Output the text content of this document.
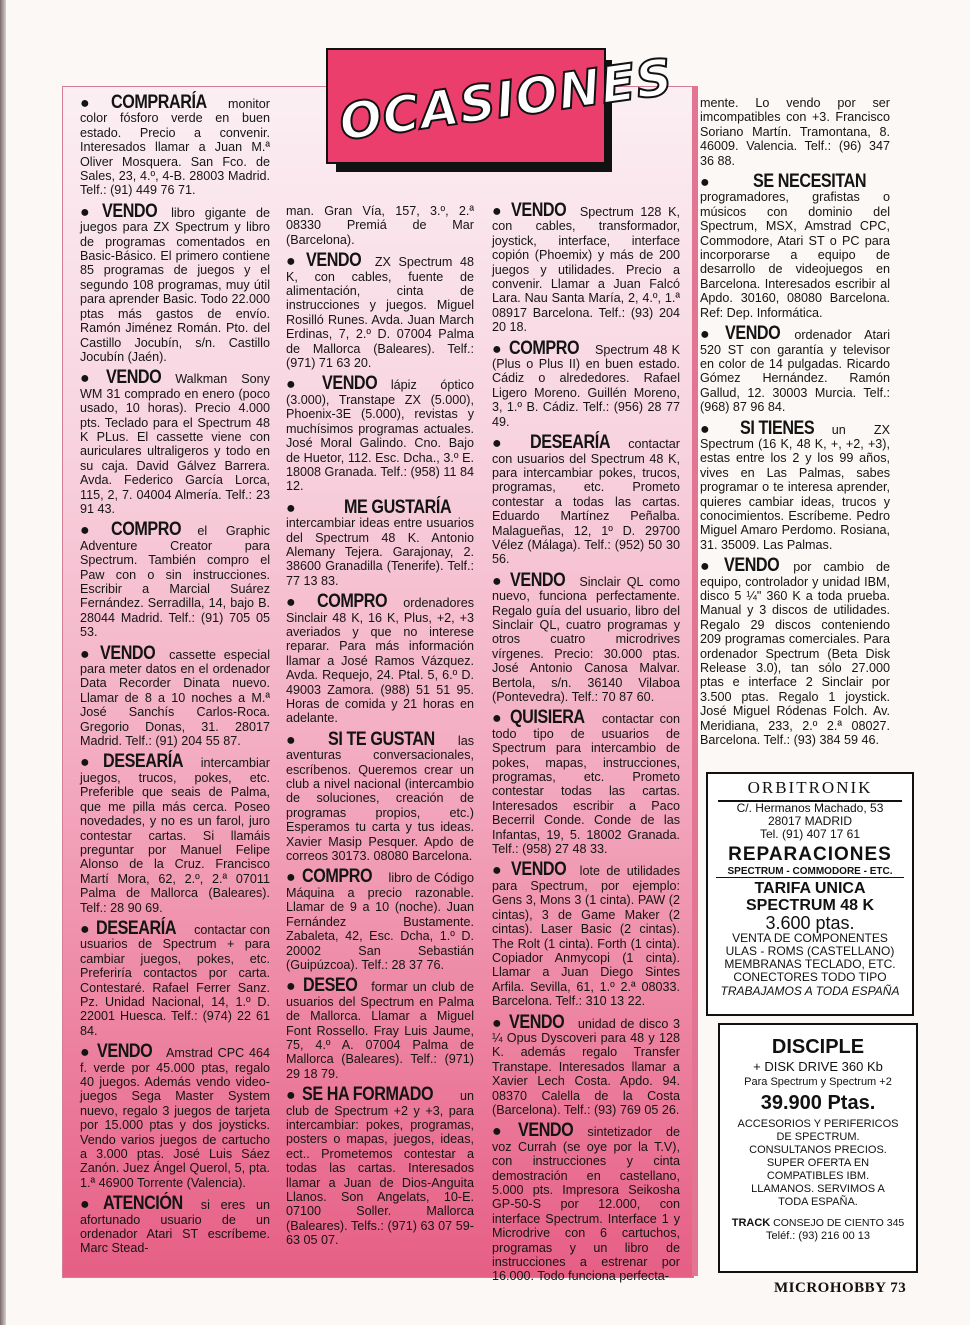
OCASIONES

● COMPRARÍA monitor color fósforo verde en buen estado. Precio a convenir. Interesados llamar a Juan M.ª Oliver Mosquera. San Fco. de Sales, 23, 4.º, 4-B. 28003 Madrid. Telf.: (91) 449 76 71.

● VENDO libro gigante de juegos para ZX Spectrum y libro de programas comentados en Basic-Básico. El primero contiene 85 programas de juegos y el segundo 108 programas, muy útil para aprender Basic. Todo 22.000 ptas más gastos de envío. Ramón Jiménez Román. Pto. del Castillo Jocubín, s/n. Castillo Jocubín (Jaén).

● VENDO Walkman Sony WM 31 comprado en enero (poco usado, 10 horas). Precio 4.000 pts. Teclado para el Spectrum 48 K PLus. El cassette viene con auriculares ultraligeros y todo en su caja. David Gálvez Barrera. Avda. Federico García Lorca, 115, 2, 7. 04004 Almería. Telf.: 23 91 43.

● COMPRO el Graphic Adventure Creator para Spectrum. También compro el Paw con o sin instrucciones. Escribir a Marcial Suárez Fernández. Serradilla, 14, bajo B. 28044 Madrid. Telf.: (91) 705 05 53.

● VENDO cassette especial para meter datos en el ordenador Data Recorder Dinata nuevo. Llamar de 8 a 10 noches a M.ª José Sanchís Carlos-Roca. Gregorio Donas, 31. 28017 Madrid. Telf.: (91) 204 55 87.

● DESEARÍA intercambiar juegos, trucos, pokes, etc. Preferible que seais de Palma, que me pilla más cerca. Poseo novedades, y no es un farol, juro contestar cartas. Si llamáis preguntar por Manuel Felipe Alonso de la Cruz. Francisco Martí Mora, 62, 2.º, 2.ª 07011 Palma de Mallorca (Baleares). Telf.: 28 90 69.

● DESEARÍA contactar con usuarios de Spectrum + para cambiar juegos, pokes, etc. Preferiría contactos por carta. Contestaré. Rafael Ferrer Sanz. Pz. Unidad Nacional, 14, 1.º D. 22001 Huesca. Telf.: (974) 22 61 84.

● VENDO Amstrad CPC 464 f. verde por 45.000 ptas, regalo 40 juegos. Además vendo video-juegos Sega Master System nuevo, regalo 3 juegos de tarjeta por 15.000 ptas y dos joysticks. Vendo varios juegos de cartucho a 3.000 ptas. José Luis Sáez Zanón. Juez Ángel Querol, 5, pta. 1.ª 46900 Torrente (Valencia).

● ATENCIÓN si eres un afortunado usuario de un ordenador Atari ST escríbeme. Marc Stead-

man. Gran Vía, 157, 3.º, 2.ª 08330 Premiá de Mar (Barcelona).

● VENDO ZX Spectrum 48 K, con cables, fuente de alimentación, cinta de instrucciones y juegos. Miguel Rosilló Runes. Avda. Juan March Erdinas, 7, 2.º D. 07004 Palma de Mallorca (Baleares). Telf.: (971) 71 63 20.

● VENDO lápiz óptico (3.000), Transtape ZX (5.000), Phoenix-3E (5.000), revistas y muchísimos programas actuales. José Moral Galindo. Cno. Bajo de Huetor, 112. Esc. Dcha., 3.º E. 18008 Granada. Telf.: (958) 11 84 12.

● ME GUSTARÍAintercambiar ideas entre usuarios del Spectrum 48 K. Antonio Alemany Tejera. Garajonay, 2. 38600 Granadilla (Tenerife). Telf.: 77 13 83.

● COMPRO ordenadores Sinclair 48 K, 16 K, Plus, +2, +3 averiados y que no interese reparar. Para más información llamar a José Ramos Vázquez. Avda. Requejo, 24. Ptal. 5, 6.º D. 49003 Zamora. (988) 51 51 95. Horas de comida y 21 horas en adelante.

● SI TE GUSTAN las aventuras conversacionales, escríbenos. Queremos crear un club a nivel nacional (intercambio de soluciones, creación de programas propios, etc.) Esperamos tu carta y tus ideas. Xavier Masip Pesquer. Apdo de correos 30173. 08080 Barcelona.

● COMPRO libro de Código Máquina a precio razonable. Llamar de 9 a 10 (noche). Juan Fernández Bustamente. Zabaleta, 42, Esc. Dcha, 1.º D. 20002 San Sebastián (Guipúzcoa). Telf.: 28 37 76.

● DESEO formar un club de usuarios del Spectrum en Palma de Mallorca. Llamar a Miguel Font Rossello. Fray Luis Jaume, 75, 4.º A. 07004 Palma de Mallorca (Baleares). Telf.: (971) 29 18 79.

● SE HA FORMADO un club de Spectrum +2 y +3, para intercambiar: pokes, programas, posters o mapas, juegos, ideas, ect.. Prometemos contestar a todas las cartas. Interesados llamar a Juan de Dios-Anguita Llanos. Son Angelats, 10-E. 07100 Soller. Mallorca (Baleares). Telfs.: (971) 63 07 59-63 05 07.

● VENDO Spectrum 128 K, con cables, transformador, joystick, interface, interface copión (Phoemix) y más de 200 juegos y utilidades. Precio a convenir. Llamar a Juan Falcó Lara. Nau Santa María, 2, 4.º, 1.ª 08917 Barcelona. Telf.: (93) 204 20 18.

● COMPRO Spectrum 48 K (Plus o Plus II) en buen estado. Cádiz o alrededores. Rafael Ligero Moreno. Guillén Moreno, 3, 1.º B. Cádiz. Telf.: (956) 28 77 49.

● DESEARÍA contactar con usuarios del Spectrum 48 K, para intercambiar pokes, trucos, programas, etc. Prometo contestar a todas las cartas. Eduardo Martínez Peñalba. Malagueñas, 12, 1º D. 29700 Vélez (Málaga). Telf.: (952) 50 30 56.

● VENDO Sinclair QL como nuevo, funciona perfectamente. Regalo guía del usuario, libro del Sinclair QL, cuatro programas y otros cuatro microdrives vírgenes. Precio: 30.000 ptas. José Antonio Canosa Malvar. Bertola, s/n. 36140 Vilaboa (Pontevedra). Telf.: 70 87 60.

● QUISIERA contactar con todo tipo de usuarios de Spectrum para intercambio de pokes, mapas, instrucciones, programas, etc. Prometo contestar todas las cartas. Interesados escribir a Paco Becerril Conde. Conde de las Infantas, 19, 5. 18002 Granada. Telf.: (958) 27 48 33.

● VENDO lote de utilidades para Spectrum, por ejemplo: Gens 3, Mons 3 (1 cinta). PAW (2 cintas), 3 de Game Maker (2 cintas). Laser Basic (2 cintas). The Rolt (1 cinta). Forth (1 cinta). Copiador Anmycopi (1 cinta). Llamar a Juan Diego Sintes Arfila. Sevilla, 61, 1.º 2.ª 08033. Barcelona. Telf.: 310 13 22.

● VENDO unidad de disco 3 ¼ Opus Dyscoveri para 48 y 128 K. además regalo Transfer Transtape. Interesados llamar a Xavier Lech Costa. Apdo. 94. 08370 Calella de la Costa (Barcelona). Telf.: (93) 769 05 26.

● VENDO sintetizador de voz Currah (se oye por la T.V), con instrucciones y cinta demostración en castellano, 5.000 pts. Impresora Seikosha GP-50-S por 12.000, con interface Spectrum. Interface 1 y Microdrive con 6 cartuchos, programas y un libro de instrucciones a estrenar por 16.000. Todo funciona perfecta-

mente. Lo vendo por ser imcompatibles con +3. Francisco Soriano Martín. Tramontana, 8. 46009. Valencia. Telf.: (96) 347 36 88.

● SE NECESITANprogramadores, grafistas o músicos con dominio del Spectrum, MSX, Amstrad CPC, Commodore, Atari ST o PC para incorporarse a equipo de desarrollo de videojuegos en Barcelona. Interesados escribir al Apdo. 30160, 08080 Barcelona. Ref: Dep. Informática.

● VENDO ordenador Atari 520 ST con garantía y televisor en color de 14 pulgadas. Ricardo Gómez Hernández. Ramón Gallud, 12. 30003 Murcia. Telf.: (968) 87 96 84.

● SI TIENES un ZX Spectrum (16 K, 48 K, +, +2, +3), estas entre los 2 y los 99 años, vives en Las Palmas, sabes programar o te interesa aprender, quieres cambiar ideas, trucos y conocimientos. Escríbeme. Pedro Miguel Amaro Perdomo. Rosiana, 31. 35009. Las Palmas.

● VENDO por cambio de equipo, controlador y unidad IBM, disco 5 ¼" 360 K a toda prueba. Manual y 3 discos de utilidades. Regalo 29 discos conteniendo 209 programas comerciales. Para ordenador Spectrum (Beta Disk Release 3.0), tan sólo 27.000 ptas e interface 2 Sinclair por 3.500 ptas. Regalo 1 joystick. José Miguel Ródenas Folch. Av. Meridiana, 233, 2.º 2.ª 08027. Barcelona. Telf.: (93) 384 59 46.

ORBITRONIK
C/. Hermanos Machado, 53
28017 MADRID
Tel. (91) 407 17 61
REPARACIONES
SPECTRUM - COMMODORE - ETC.
TARIFA UNICA
SPECTRUM 48 K
3.600 ptas.
VENTA DE COMPONENTES
ULAS - ROMS (CASTELLANO)
MEMBRANAS TECLADO, ETC.
CONECTORES TODO TIPO
TRABAJAMOS A TODA ESPAÑA
DISCIPLE
+ DISK DRIVE 360 Kb
Para Spectrum y Spectrum +2
39.900 Ptas.
ACCESORIOS Y PERIFERICOS
DE SPECTRUM.
CONSULTANOS PRECIOS.
SUPER OFERTA EN
COMPATIBLES IBM.
LLAMANOS. SERVIMOS A
TODA ESPAÑA.
TRACK CONSEJO DE CIENTO 345
Teléf.: (93) 216 00 13
MICROHOBBY 73
